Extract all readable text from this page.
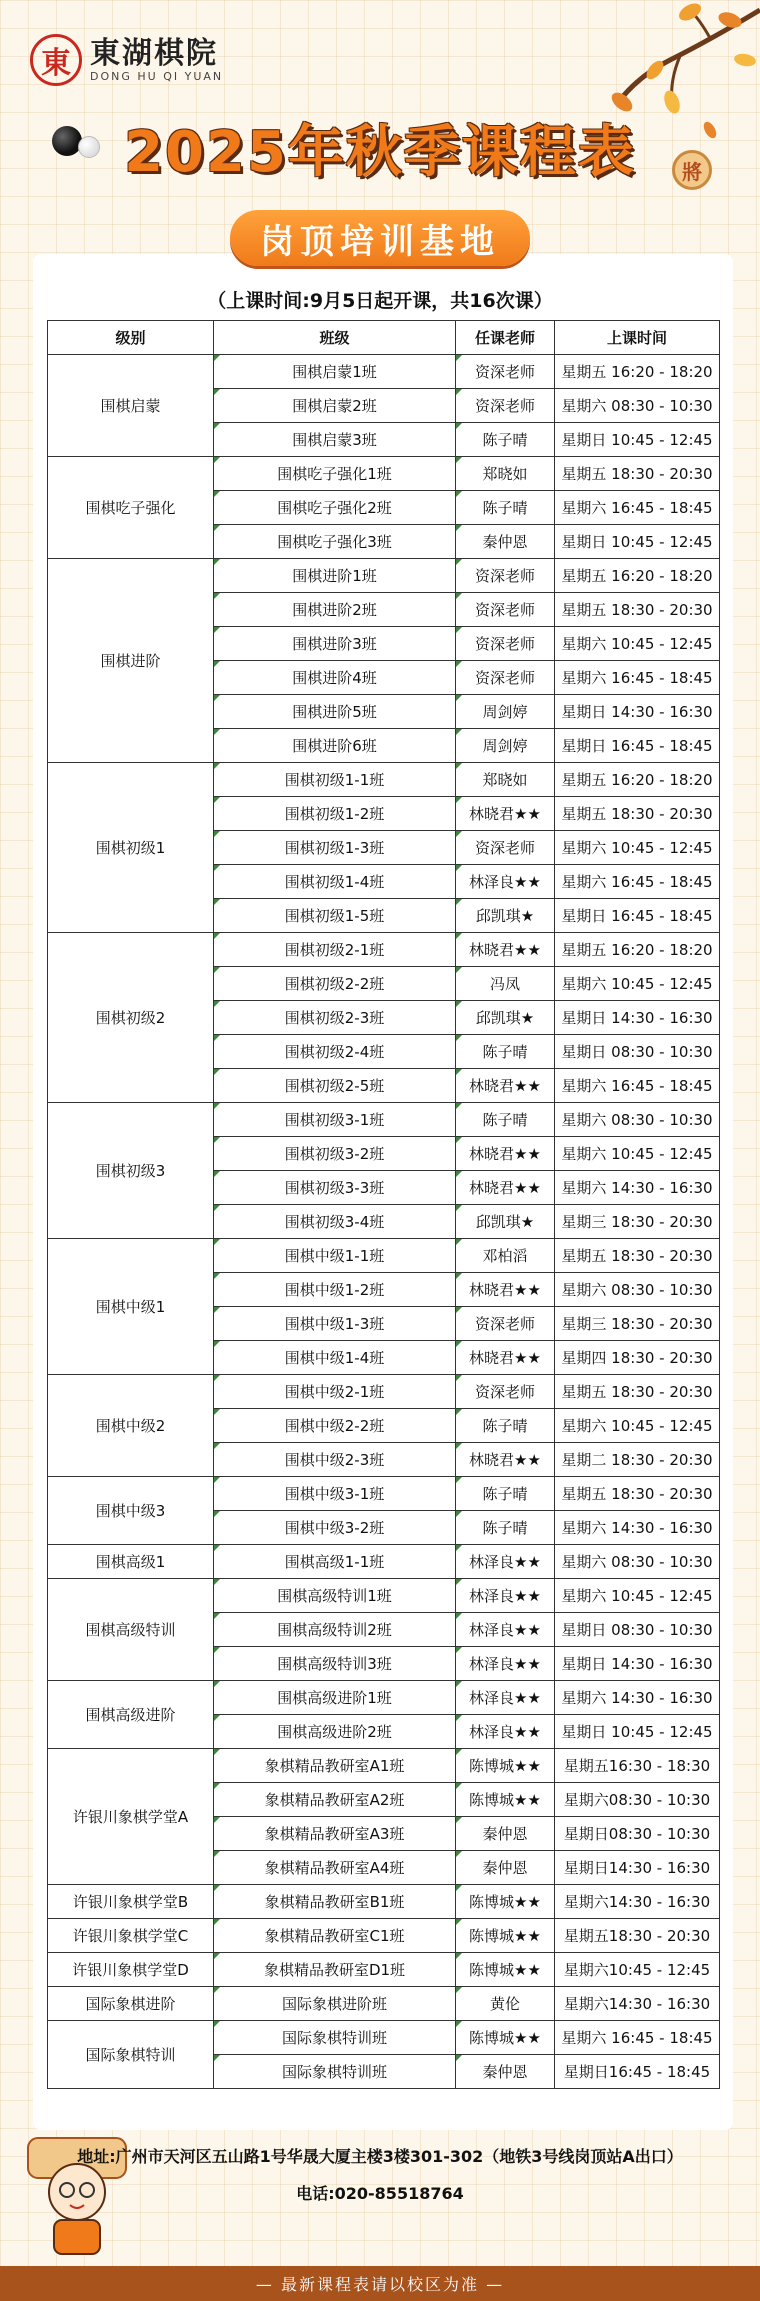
東 東湖棋院
DONG HU QI YUAN
2025年秋季课程表	將
岗顶培训基地
（上课时间:9月5日起开课，共16次课）
级别	班级	任课老师	上课时间
围棋启蒙	围棋启蒙1班	资深老师	星期五 16:20 - 18:20
	围棋启蒙2班	资深老师	星期六 08:30 - 10:30
	围棋启蒙3班	陈子晴	星期日 10:45 - 12:45
围棋吃子强化	围棋吃子强化1班	郑晓如	星期五 18:30 - 20:30
	围棋吃子强化2班	陈子晴	星期六 16:45 - 18:45
	围棋吃子强化3班	秦仲恩	星期日 10:45 - 12:45
围棋进阶	围棋进阶1班	资深老师	星期五 16:20 - 18:20
	围棋进阶2班	资深老师	星期五 18:30 - 20:30
	围棋进阶3班	资深老师	星期六 10:45 - 12:45
	围棋进阶4班	资深老师	星期六 16:45 - 18:45
	围棋进阶5班	周剑婷	星期日 14:30 - 16:30
	围棋进阶6班	周剑婷	星期日 16:45 - 18:45
围棋初级1	围棋初级1-1班	郑晓如	星期五 16:20 - 18:20
	围棋初级1-2班	林晓君★★	星期五 18:30 - 20:30
	围棋初级1-3班	资深老师	星期六 10:45 - 12:45
	围棋初级1-4班	林泽良★★	星期六 16:45 - 18:45
	围棋初级1-5班	邱凯琪★	星期日 16:45 - 18:45
围棋初级2	围棋初级2-1班	林晓君★★	星期五 16:20 - 18:20
	围棋初级2-2班	冯凤	星期六 10:45 - 12:45
	围棋初级2-3班	邱凯琪★	星期日 14:30 - 16:30
	围棋初级2-4班	陈子晴	星期日 08:30 - 10:30
	围棋初级2-5班	林晓君★★	星期六 16:45 - 18:45
围棋初级3	围棋初级3-1班	陈子晴	星期六 08:30 - 10:30
	围棋初级3-2班	林晓君★★	星期六 10:45 - 12:45
	围棋初级3-3班	林晓君★★	星期六 14:30 - 16:30
	围棋初级3-4班	邱凯琪★	星期三 18:30 - 20:30
围棋中级1	围棋中级1-1班	邓柏滔	星期五 18:30 - 20:30
	围棋中级1-2班	林晓君★★	星期六 08:30 - 10:30
	围棋中级1-3班	资深老师	星期三 18:30 - 20:30
	围棋中级1-4班	林晓君★★	星期四 18:30 - 20:30
围棋中级2	围棋中级2-1班	资深老师	星期五 18:30 - 20:30
	围棋中级2-2班	陈子晴	星期六 10:45 - 12:45
	围棋中级2-3班	林晓君★★	星期二 18:30 - 20:30
围棋中级3	围棋中级3-1班	陈子晴	星期五 18:30 - 20:30
	围棋中级3-2班	陈子晴	星期六 14:30 - 16:30
围棋高级1	围棋高级1-1班	林泽良★★	星期六 08:30 - 10:30
围棋高级特训	围棋高级特训1班	林泽良★★	星期六 10:45 - 12:45
	围棋高级特训2班	林泽良★★	星期日 08:30 - 10:30
	围棋高级特训3班	林泽良★★	星期日 14:30 - 16:30
围棋高级进阶	围棋高级进阶1班	林泽良★★	星期六 14:30 - 16:30
	围棋高级进阶2班	林泽良★★	星期日 10:45 - 12:45
许银川象棋学堂A	象棋精品教研室A1班	陈博城★★	星期五16:30 - 18:30
	象棋精品教研室A2班	陈博城★★	星期六08:30 - 10:30
	象棋精品教研室A3班	秦仲恩	星期日08:30 - 10:30
	象棋精品教研室A4班	秦仲恩	星期日14:30 - 16:30
许银川象棋学堂B	象棋精品教研室B1班	陈博城★★	星期六14:30 - 16:30
许银川象棋学堂C	象棋精品教研室C1班	陈博城★★	星期五18:30 - 20:30
许银川象棋学堂D	象棋精品教研室D1班	陈博城★★	星期六10:45 - 12:45
国际象棋进阶	国际象棋进阶班	黄伦	星期六14:30 - 16:30
国际象棋特训	国际象棋特训班	陈博城★★	星期六 16:45 - 18:45
	国际象棋特训班	秦仲恩	星期日16:45 - 18:45
地址:广州市天河区五山路1号华晟大厦主楼3楼301-302（地铁3号线岗顶站A出口）
电话:020-85518764
— 最新课程表请以校区为准 —
